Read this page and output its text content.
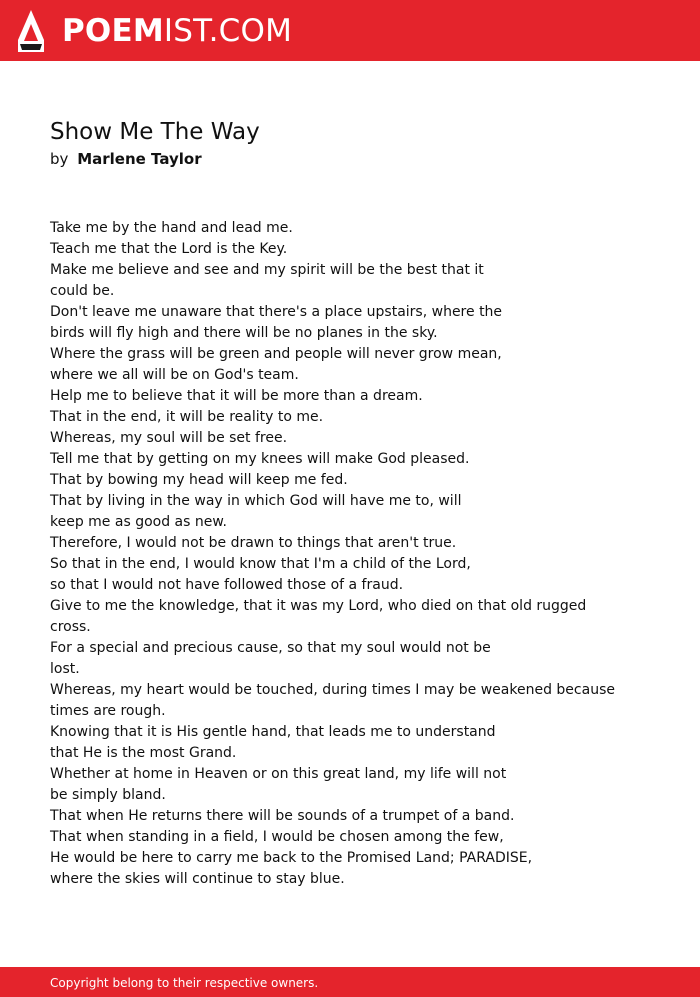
POEMIST.COM
Show Me The Way
by Marlene Taylor
Take me by the hand and lead me.
Teach me that the Lord is the Key.
Make me believe and see and my spirit will be the best that it
could be.
Don't leave me unaware that there's a place upstairs, where the
birds will fly high and there will be no planes in the sky.
Where the grass will be green and people will never grow mean,
where we all will be on God's team.
Help me to believe that it will be more than a dream.
That in the end, it will be reality to me.
Whereas, my soul will be set free.
Tell me that by getting on my knees will make God pleased.
That by bowing my head will keep me fed.
That by living in the way in which God will have me to, will
keep me as good as new.
Therefore, I would not be drawn to things that aren't true.
So that in the end, I would know that I'm a child of the Lord,
so that I would not have followed those of a fraud.
Give to me the knowledge, that it was my Lord, who died on that old rugged
cross.
For a special and precious cause, so that my soul would not be
lost.
Whereas, my heart would be touched, during times I may be weakened because
times are rough.
Knowing that it is His gentle hand, that leads me to understand
that He is the most Grand.
Whether at home in Heaven or on this great land, my life will not
be simply bland.
That when He returns there will be sounds of a trumpet of a band.
That when standing in a field, I would be chosen among the few,
He would be here to carry me back to the Promised Land; PARADISE,
where the skies will continue to stay blue.
Copyright belong to their respective owners.
